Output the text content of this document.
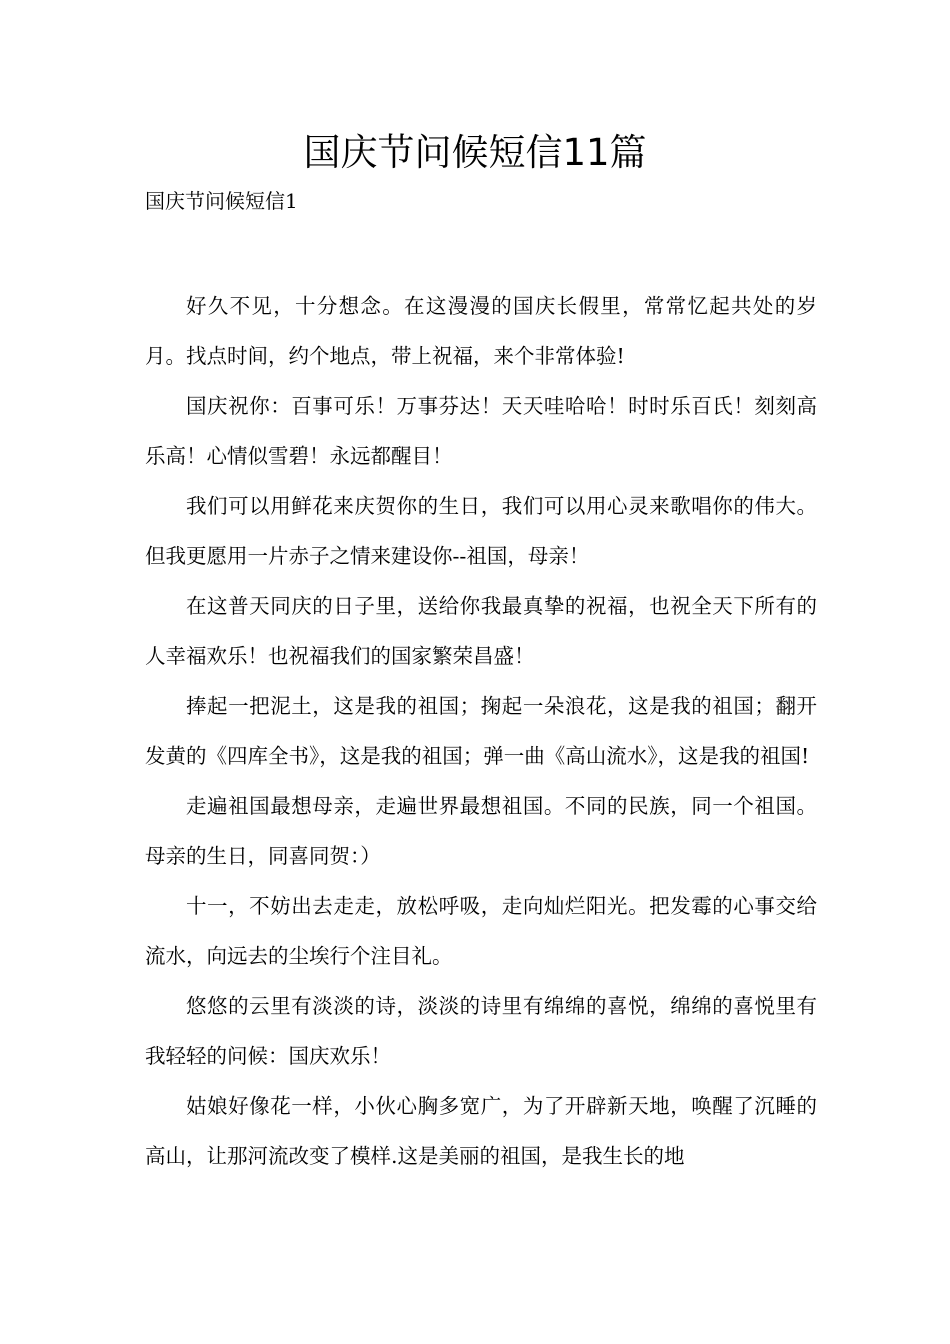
国庆节问候短信11篇

国庆节问候短信1

好久不见，十分想念。在这漫漫的国庆长假里，常常忆起共处的岁月。找点时间，约个地点，带上祝福，来个非常体验!

国庆祝你：百事可乐！万事芬达！天天哇哈哈！时时乐百氏！刻刻高乐高！心情似雪碧！永远都醒目！

我们可以用鲜花来庆贺你的生日，我们可以用心灵来歌唱你的伟大。但我更愿用一片赤子之情来建设你--祖国，母亲！

在这普天同庆的日子里，送给你我最真挚的祝福，也祝全天下所有的人幸福欢乐！也祝福我们的国家繁荣昌盛！

捧起一把泥土，这是我的祖国；掬起一朵浪花，这是我的祖国；翻开发黄的《四库全书》，这是我的祖国；弹一曲《高山流水》，这是我的祖国!

走遍祖国最想母亲，走遍世界最想祖国。不同的民族，同一个祖国。母亲的生日，同喜同贺：）

十一，不妨出去走走，放松呼吸，走向灿烂阳光。把发霉的心事交给流水，向远去的尘埃行个注目礼。

悠悠的云里有淡淡的诗，淡淡的诗里有绵绵的喜悦，绵绵的喜悦里有我轻轻的问候：国庆欢乐！

姑娘好像花一样，小伙心胸多宽广，为了开辟新天地，唤醒了沉睡的高山，让那河流改变了模样.这是美丽的祖国，是我生长的地
